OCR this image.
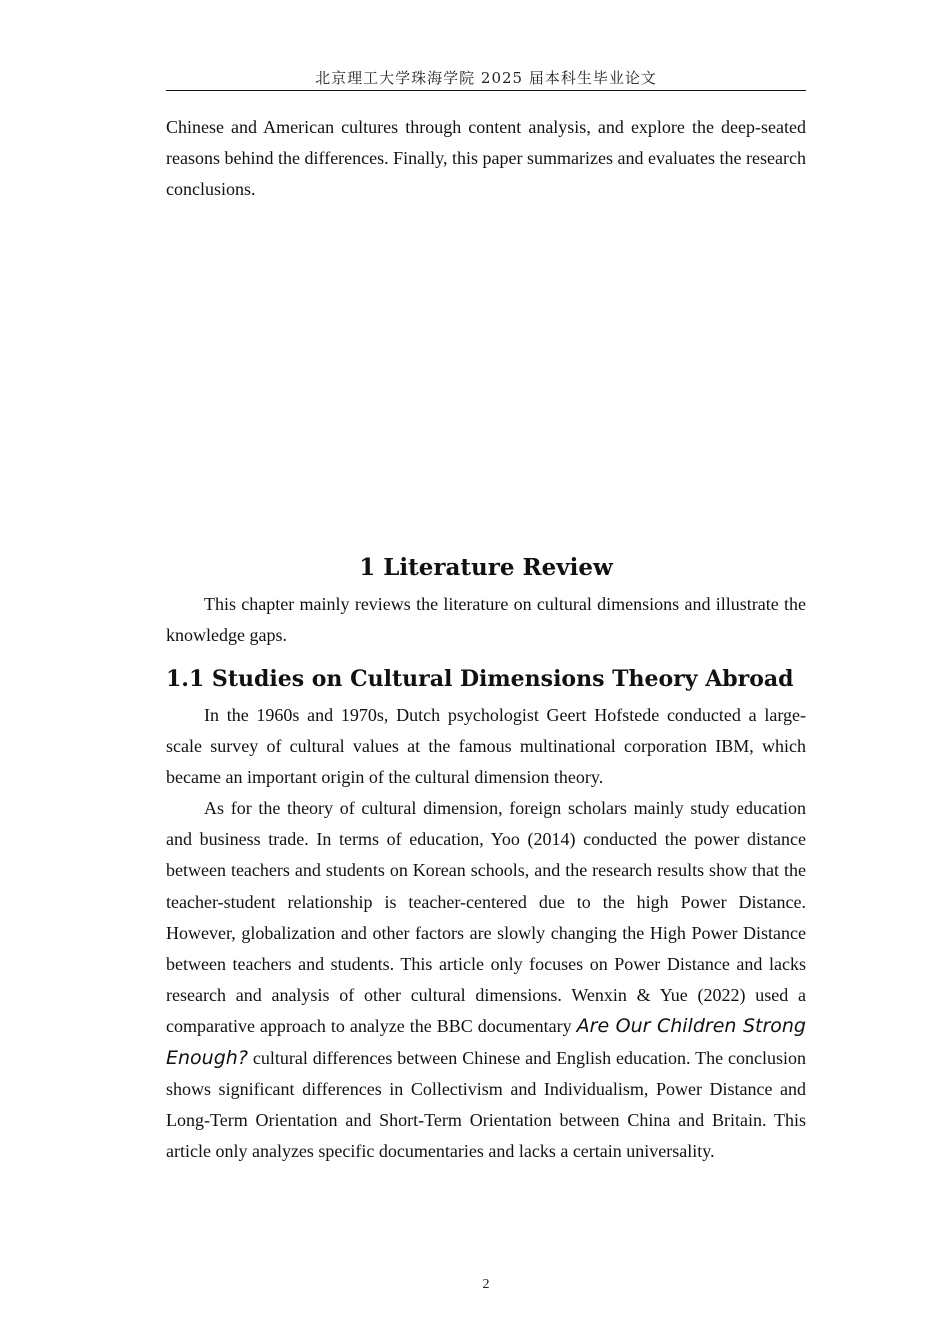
北京理工大学珠海学院 2025 届本科生毕业论文

Chinese and American cultures through content analysis, and explore the deep-seated reasons behind the differences. Finally, this paper summarizes and evaluates the research conclusions.

1 Literature Review

This chapter mainly reviews the literature on cultural dimensions and illustrate the knowledge gaps.

1.1 Studies on Cultural Dimensions Theory Abroad

In the 1960s and 1970s, Dutch psychologist Geert Hofstede conducted a large-scale survey of cultural values at the famous multinational corporation IBM, which became an important origin of the cultural dimension theory.

As for the theory of cultural dimension, foreign scholars mainly study education and business trade. In terms of education, Yoo (2014) conducted the power distance between teachers and students on Korean schools, and the research results show that the teacher-student relationship is teacher-centered due to the high Power Distance. However, globalization and other factors are slowly changing the High Power Distance between teachers and students. This article only focuses on Power Distance and lacks research and analysis of other cultural dimensions. Wenxin & Yue (2022) used a comparative approach to analyze the BBC documentary Are Our Children Strong Enough? cultural differences between Chinese and English education. The conclusion shows significant differences in Collectivism and Individualism, Power Distance and Long-Term Orientation and Short-Term Orientation between China and Britain. This article only analyzes specific documentaries and lacks a certain universality.

2
